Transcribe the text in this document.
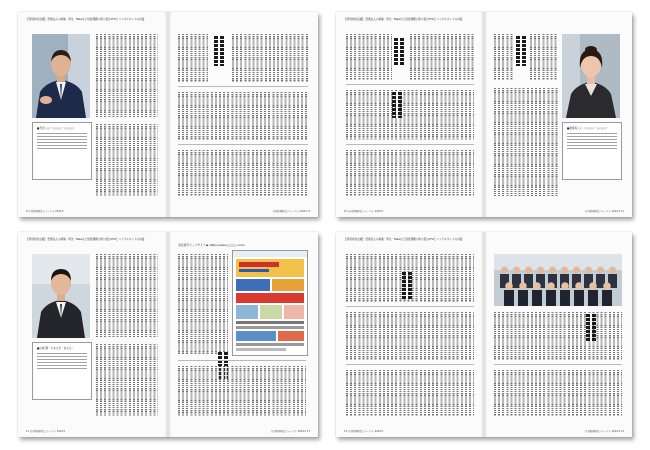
【特別対談企画】 医療法人の承継・再生・M&Aなど経営課題に取り組むCFOとコンサルタントの対話
■代表 ○○（○○○○・○○○○）
8 月刊税務経営ジャーナル 2019.5	月刊税務経営ジャーナル 2019.5 9
【特別対談企画】 医療法人の承継・再生・M&Aなど経営課題に取り組むCFOとコンサルタントの対話
10 月刊税務経営ジャーナル 2019.5
■取締役 ○○（○○○○・○○○○）
月刊税務経営ジャーナル 2019.5 11
【特別対談企画】 医療法人の承継・再生・M&Aなど経営課題に取り組むCFOとコンサルタントの対話
■山崎 勝（やまざき・まさる）
12 月刊税務経営ジャーナル 2019.5
会社紹介ウェブサイト ▶ https://www.○○○○.com/
月刊税務経営ジャーナル 2019.5 13
【特別対談企画】 医療法人の承継・再生・M&Aなど経営課題に取り組むCFOとコンサルタントの対話
14 月刊税務経営ジャーナル 2019.5	月刊税務経営ジャーナル 2019.5 15
